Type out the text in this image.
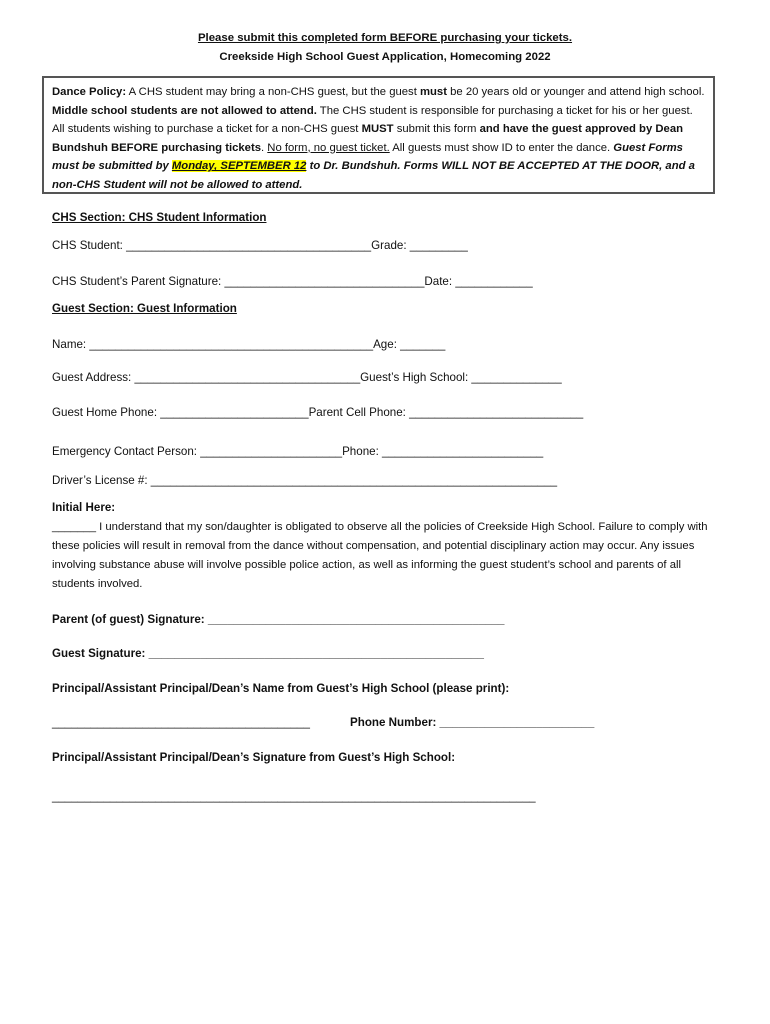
Please submit this completed form BEFORE purchasing your tickets.
Creekside High School Guest Application, Homecoming 2022
Dance Policy: A CHS student may bring a non-CHS guest, but the guest must be 20 years old or younger and attend high school. Middle school students are not allowed to attend. The CHS student is responsible for purchasing a ticket for his or her guest. All students wishing to purchase a ticket for a non-CHS guest MUST submit this form and have the guest approved by Dean Bundshuh BEFORE purchasing tickets. No form, no guest ticket. All guests must show ID to enter the dance. Guest Forms must be submitted by Monday, SEPTEMBER 12 to Dr. Bundshuh. Forms WILL NOT BE ACCEPTED AT THE DOOR, and a non-CHS Student will not be allowed to attend.
CHS Section: CHS Student Information
CHS Student: ______________________________________Grade: _________
CHS Student’s Parent Signature: _______________________________Date: ____________
Guest Section: Guest Information
Name: ____________________________________________Age: _______
Guest Address: ___________________________________Guest’s High School: ______________
Guest Home Phone: _______________________Parent Cell Phone: ___________________________
Emergency Contact Person: ______________________Phone: _________________________
Driver’s License #: _______________________________________________________________
Initial Here:
_______ I understand that my son/daughter is obligated to observe all the policies of Creekside High School. Failure to comply with these policies will result in removal from the dance without compensation, and potential disciplinary action may occur. Any issues involving substance abuse will involve possible police action, as well as informing the guest student’s school and parents of all students involved.
Parent (of guest) Signature: ______________________________________________
Guest Signature: ____________________________________________________
Principal/Assistant Principal/Dean’s Name from Guest’s High School (please print):
________________________________________	Phone Number: ________________________
Principal/Assistant Principal/Dean’s Signature from Guest’s High School:
___________________________________________________________________________
